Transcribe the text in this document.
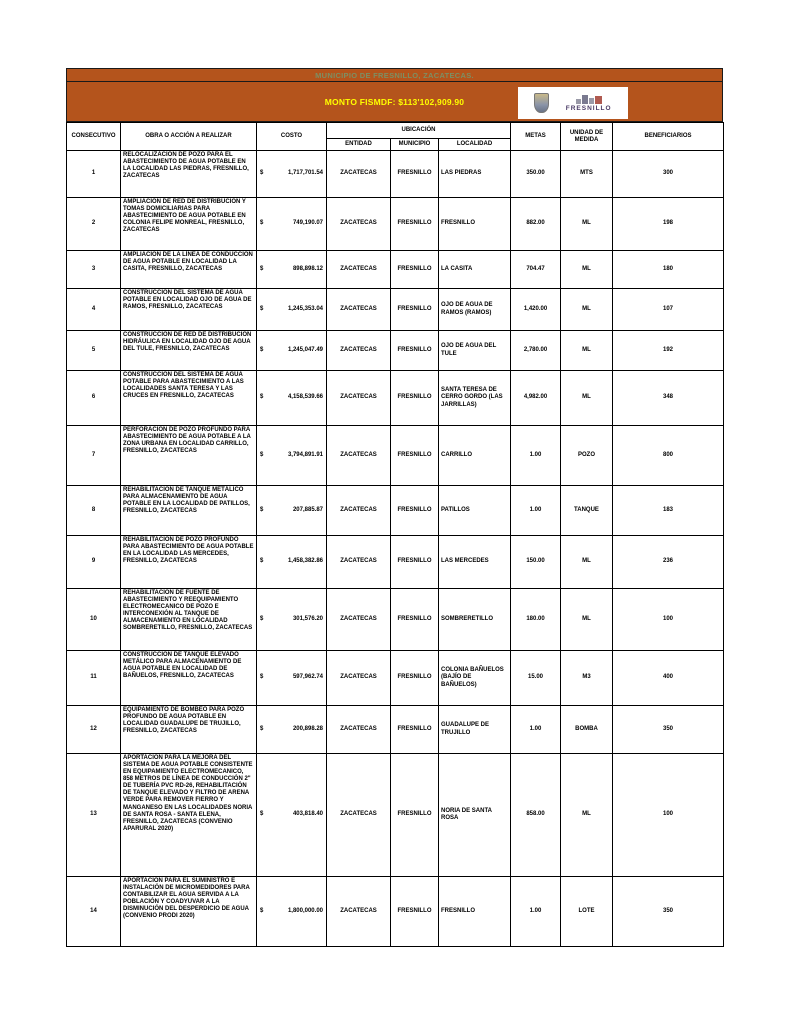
MUNICIPIO DE FRESNILLO, ZACATECAS.
MONTO FISMDF: $113'102,909.90
FRESNILLO
CONSECUTIVO	OBRA O ACCIÓN A REALIZAR	COSTO	UBICACIÓN			METAS	UNIDAD DE MEDIDA	BENEFICIARIOS
			ENTIDAD	MUNICIPIO	LOCALIDAD			
1	RELOCALIZACIÓN DE POZO PARA EL ABASTECIMIENTO DE AGUA POTABLE EN LA LOCALIDAD LAS PIEDRAS, FRESNILLO, ZACATECAS	$ 1,717,701.54	ZACATECAS	FRESNILLO	LAS PIEDRAS	350.00	MTS	300
2	AMPLIACIÓN DE RED DE DISTRIBUCIÓN Y TOMAS DOMICILIARIAS PARA ABASTECIMIENTO DE AGUA POTABLE EN COLONIA FELIPE MONREAL, FRESNILLO, ZACATECAS	$ 749,190.07	ZACATECAS	FRESNILLO	FRESNILLO	882.00	ML	198
3	AMPLIACIÓN DE LA LÍNEA DE CONDUCCIÓN DE AGUA POTABLE EN LOCALIDAD LA CASITA, FRESNILLO, ZACATECAS	$ 898,898.12	ZACATECAS	FRESNILLO	LA CASITA	704.47	ML	180
4	CONSTRUCCIÓN DEL SISTEMA DE AGUA POTABLE EN LOCALIDAD OJO DE AGUA DE RAMOS, FRESNILLO, ZACATECAS	$ 1,245,353.04	ZACATECAS	FRESNILLO	OJO DE AGUA DE RAMOS (RAMOS)	1,420.00	ML	107
5	CONSTRUCCIÓN DE RED DE DISTRIBUCIÓN HIDRÁULICA EN LOCALIDAD OJO DE AGUA DEL TULE, FRESNILLO, ZACATECAS	$ 1,245,047.49	ZACATECAS	FRESNILLO	OJO DE AGUA DEL TULE	2,780.00	ML	192
6	CONSTRUCCIÓN DEL SISTEMA DE AGUA POTABLE PARA ABASTECIMIENTO A LAS LOCALIDADES SANTA TERESA Y LAS CRUCES EN FRESNILLO, ZACATECAS	$ 4,158,539.66	ZACATECAS	FRESNILLO	SANTA TERESA DE CERRO GORDO (LAS JARRILLAS)	4,982.00	ML	348
7	PERFORACIÓN DE POZO PROFUNDO PARA ABASTECIMIENTO DE AGUA POTABLE A LA ZONA URBANA EN LOCALIDAD CARRILLO, FRESNILLO, ZACATECAS	$ 3,794,891.91	ZACATECAS	FRESNILLO	CARRILLO	1.00	POZO	800
8	REHABILITACIÓN DE TANQUE METÁLICO PARA ALMACENAMIENTO DE AGUA POTABLE EN LA LOCALIDAD DE PATILLOS, FRESNILLO, ZACATECAS	$ 207,885.87	ZACATECAS	FRESNILLO	PATILLOS	1.00	TANQUE	183
9	REHABILITACIÓN DE POZO PROFUNDO PARA ABASTECIMIENTO DE AGUA POTABLE EN LA LOCALIDAD LAS MERCEDES, FRESNILLO, ZACATECAS	$ 1,458,382.86	ZACATECAS	FRESNILLO	LAS MERCEDES	150.00	ML	236
10	REHABILITACIÓN DE FUENTE DE ABASTECIMIENTO Y REEQUIPAMIENTO ELECTROMECANICO DE POZO E INTERCONEXIÓN AL TANQUE DE ALMACENAMIENTO EN LOCALIDAD SOMBRERETILLO, FRESNILLO, ZACATECAS	$ 301,576.20	ZACATECAS	FRESNILLO	SOMBRERETILLO	180.00	ML	100
11	CONSTRUCCIÓN DE TANQUE ELEVADO METÁLICO PARA ALMACENAMIENTO DE AGUA POTABLE EN LOCALIDAD DE BAÑUELOS, FRESNILLO, ZACATECAS	$ 597,962.74	ZACATECAS	FRESNILLO	COLONIA BAÑUELOS (BAJÍO DE BAÑUELOS)	15.00	M3	400
12	EQUIPAMIENTO DE BOMBEO PARA POZO PROFUNDO DE AGUA POTABLE EN LOCALIDAD GUADALUPE DE TRUJILLO, FRESNILLO, ZACATECAS	$ 200,898.28	ZACATECAS	FRESNILLO	GUADALUPE DE TRUJILLO	1.00	BOMBA	350
13	APORTACIÓN PARA LA MEJORA DEL SISTEMA DE AGUA POTABLE CONSISTENTE EN EQUIPAMIENTO ELECTROMECANICO, 858 METROS DE LÍNEA DE CONDUCCIÓN 2" DE TUBERÍA PVC RD-26, REHABILITACIÓN DE TANQUE ELEVADO Y FILTRO DE ARENA VERDE PARA REMOVER FIERRO Y MANGANESO EN LAS LOCALIDADES NORIA DE SANTA ROSA - SANTA ELENA, FRESNILLO, ZACATECAS (CONVENIO APARURAL 2020)	$ 403,818.40	ZACATECAS	FRESNILLO	NORIA DE SANTA ROSA	858.00	ML	100
14	APORTACIÓN PARA EL SUMINISTRO E INSTALACIÓN DE MICROMEDIDORES PARA CONTABILIZAR EL AGUA SERVIDA A LA POBLACIÓN Y COADYUVAR A LA DISMINUCIÓN DEL DESPERDICIO DE AGUA (CONVENIO PRODI 2020)	$ 1,800,000.00	ZACATECAS	FRESNILLO	FRESNILLO	1.00	LOTE	350
